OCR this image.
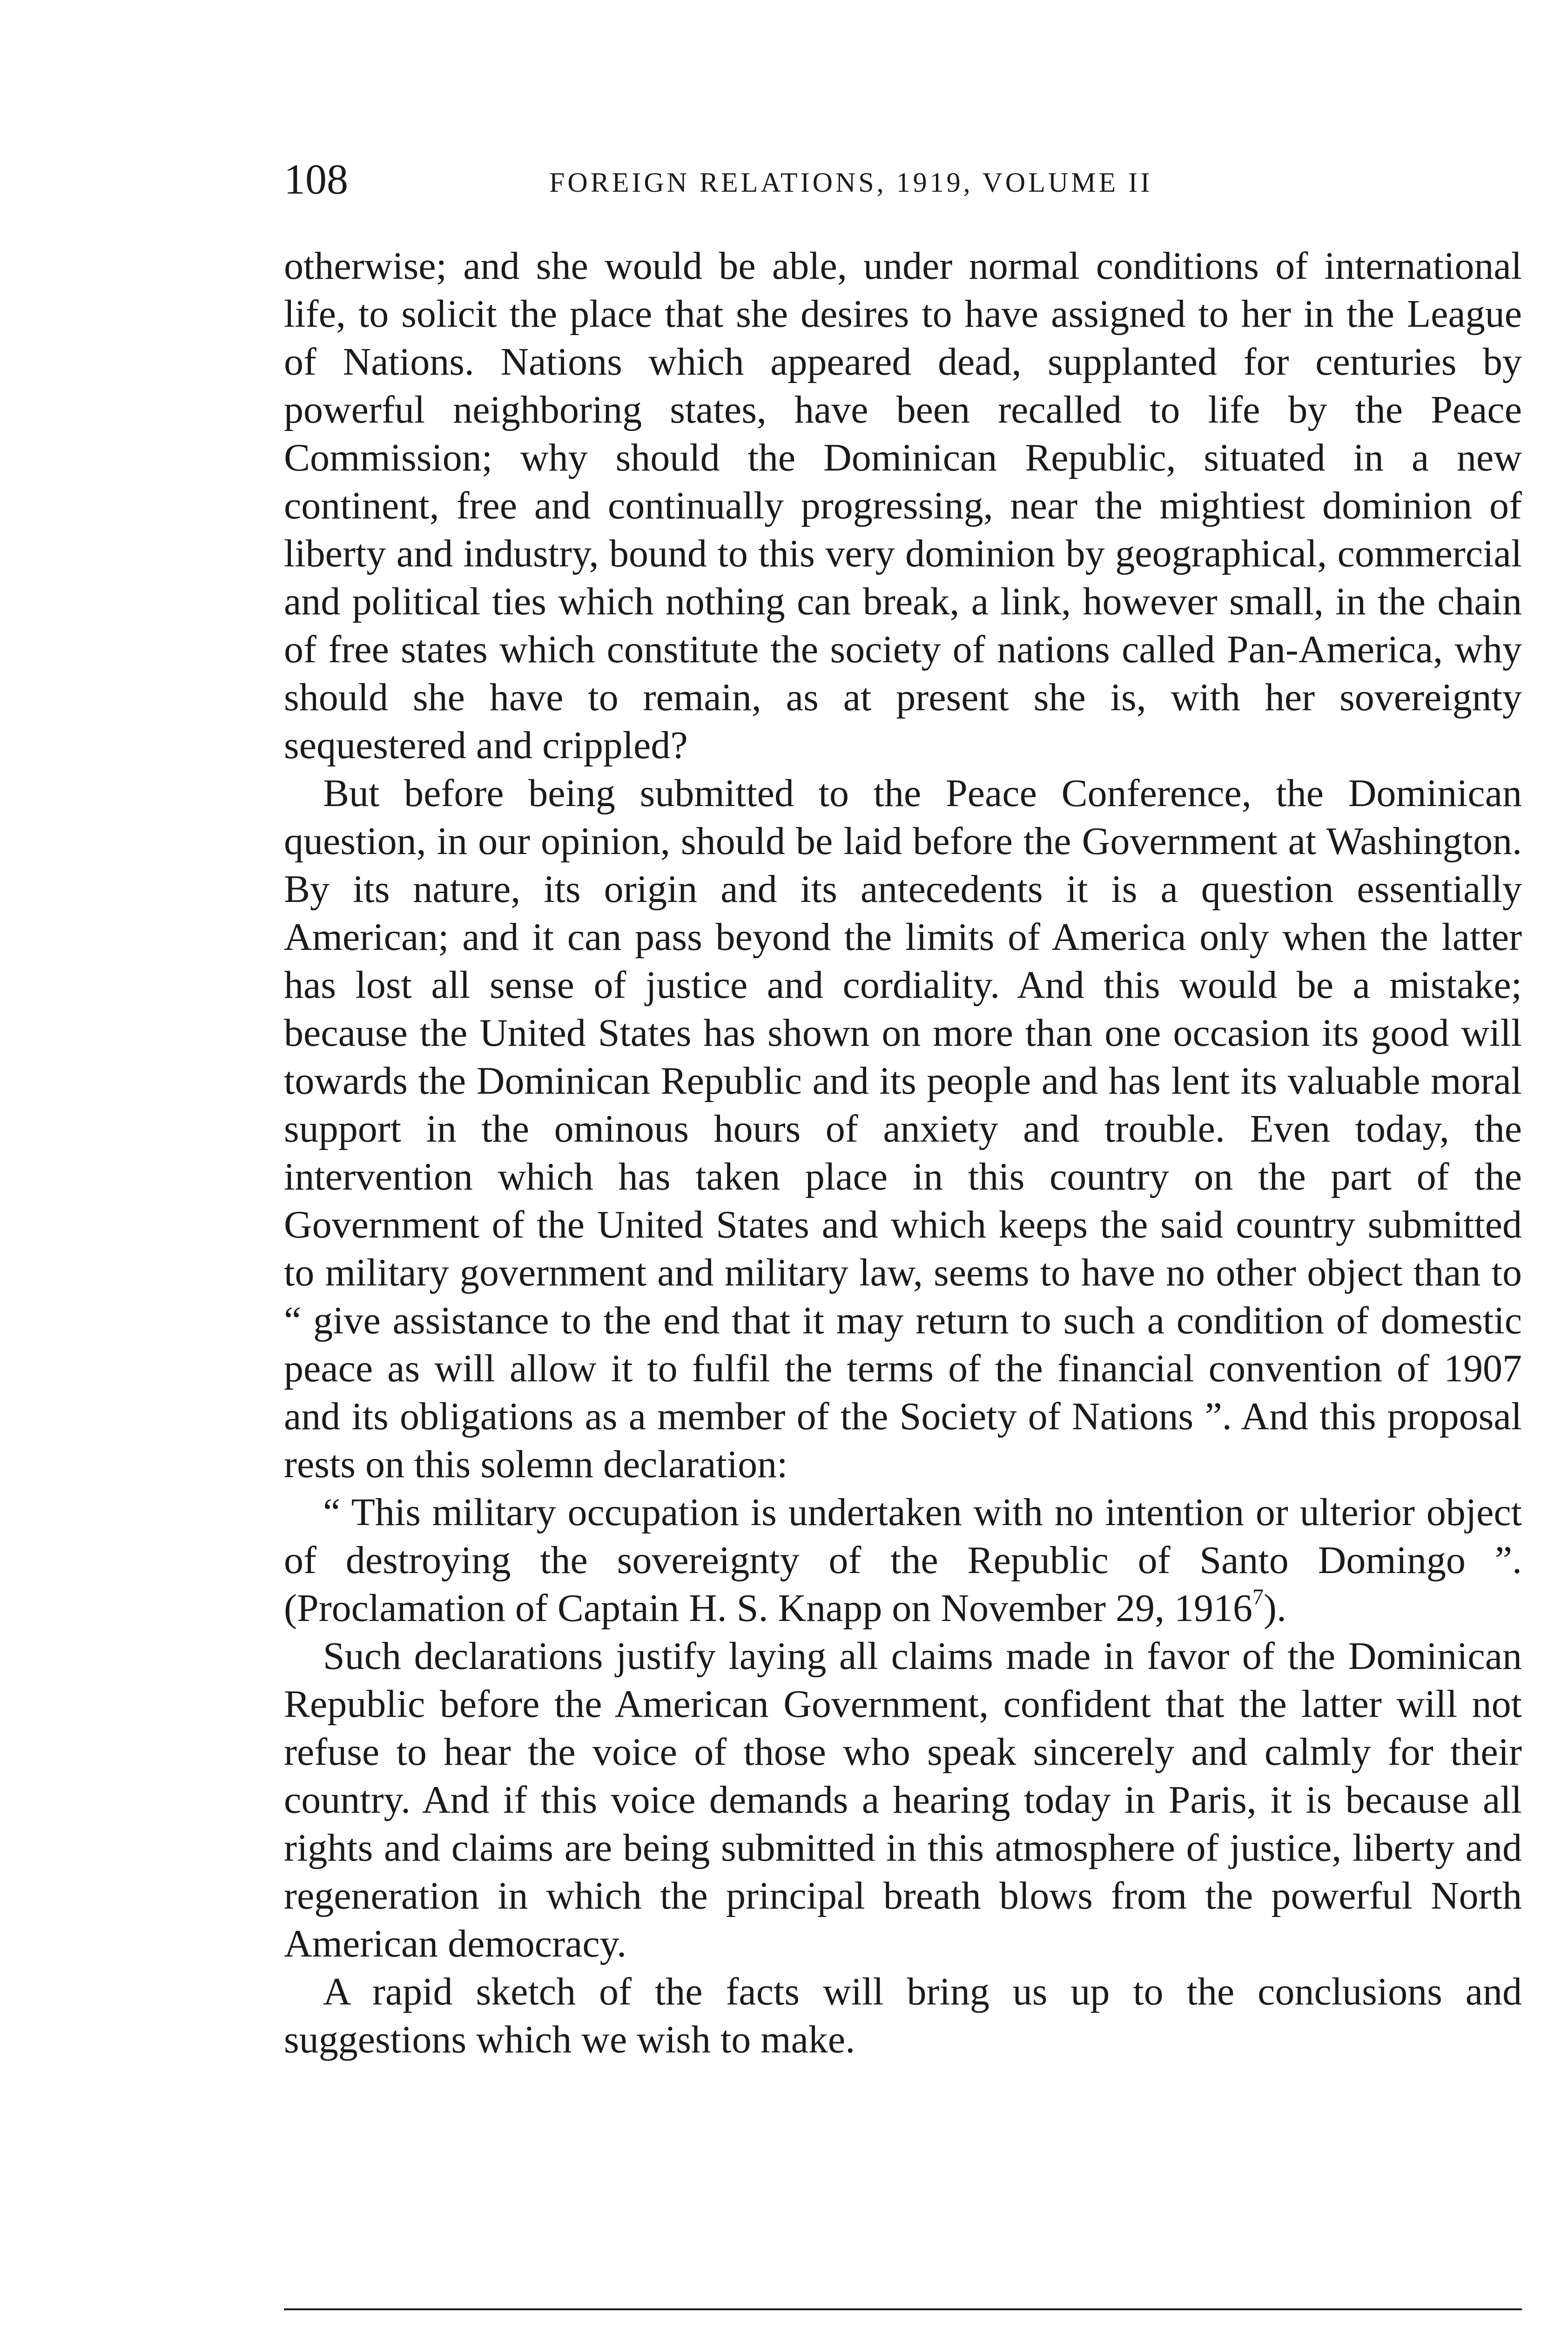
108	FOREIGN RELATIONS, 1919, VOLUME II

otherwise; and she would be able, under normal conditions of international life, to solicit the place that she desires to have assigned to her in the League of Nations. Nations which appeared dead, supplanted for centuries by powerful neighboring states, have been recalled to life by the Peace Commission; why should the Dominican Republic, situated in a new continent, free and continually progressing, near the mightiest dominion of liberty and industry, bound to this very dominion by geographical, commercial and political ties which nothing can break, a link, however small, in the chain of free states which constitute the society of nations called Pan-America, why should she have to remain, as at present she is, with her sovereignty sequestered and crippled?

But before being submitted to the Peace Conference, the Dominican question, in our opinion, should be laid before the Government at Washington. By its nature, its origin and its antecedents it is a question essentially American; and it can pass beyond the limits of America only when the latter has lost all sense of justice and cordiality. And this would be a mistake; because the United States has shown on more than one occasion its good will towards the Dominican Republic and its people and has lent its valuable moral support in the ominous hours of anxiety and trouble. Even today, the intervention which has taken place in this country on the part of the Government of the United States and which keeps the said country submitted to military government and military law, seems to have no other object than to “ give assistance to the end that it may return to such a condition of domestic peace as will allow it to fulfil the terms of the financial convention of 1907 and its obligations as a member of the Society of Nations ”. And this proposal rests on this solemn declaration:

“ This military occupation is undertaken with no intention or ulterior object of destroying the sovereignty of the Republic of Santo Domingo ”. (Proclamation of Captain H. S. Knapp on November 29, 1916$^7$).

Such declarations justify laying all claims made in favor of the Dominican Republic before the American Government, confident that the latter will not refuse to hear the voice of those who speak sincerely and calmly for their country. And if this voice demands a hearing today in Paris, it is because all rights and claims are being submitted in this atmosphere of justice, liberty and regeneration in which the principal breath blows from the powerful North American democracy.

A rapid sketch of the facts will bring us up to the conclusions and suggestions which we wish to make.
